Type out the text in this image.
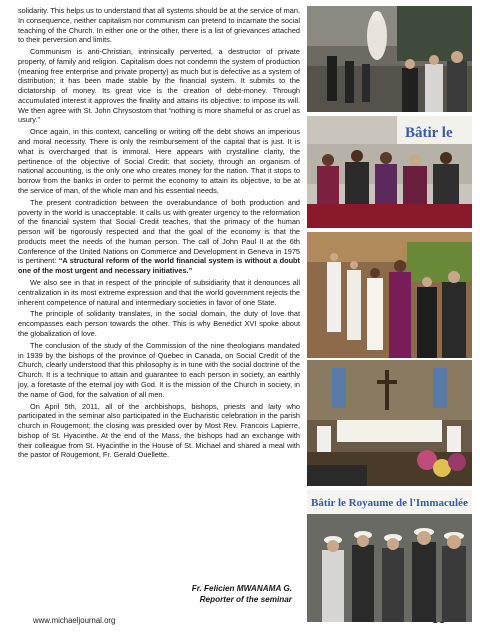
solidarity. This helps us to understand that all systems should be at the service of man. In consequence, neither capitalism nor communism can pretend to incarnate the social teaching of the Church. In either one or the other, there is a list of grievances attached to their perversion and limits.

Communism is anti-Christian, intrinsically perverted, a destructor of private property, of family and religion. Capitalism does not condemn the system of production (meaning free enterprise and private property) as much but is defective as a system of distribution; it has been made stable by the financial system. It submits to the dictatorship of money. Its great vice is the creation of debt-money. Through accumulated interest it approves the finality and attains its objective: to impose its will. We then agree with St. John Chrysostom that “nothing is more shameful or as cruel as usury.”

Once again, in this context, cancelling or writing off the debt shows an imperious and moral necessity. There is only the reimbursement of the capital that is just. It is what is overcharged that is immoral. Here appears with crystalline clarity, the pertinence of the objective of Social Credit: that society, through an organism of national accounting, is the only one who creates money for the nation. That it stops to borrow from the banks in order to permit the economy to attain its objective, to be at the service of man, of the whole man and his essential needs.

The present contradiction between the overabundance of both production and poverty in the world is unacceptable. It calls us with greater urgency to the reformation of the financial system that Social Credit teaches, that the primacy of the human person will be rigorously respected and that the goal of the economy is that the products meet the needs of the human person. The call of John Paul II at the 6th Conference of the United Nations on Commerce and Development in Geneva in 1975 is pertinent: “A structural reform of the world financial system is without a doubt one of the most urgent and necessary initiatives.”

We also see in that in respect of the principle of subsidiarity that it denounces all centralization in its most extreme expression and that the world government rejects the inherent competence of natural and intermediary societies in favor of one State.

The principle of solidarity translates, in the social domain, the duty of love that encompasses each person towards the other. This is why Benedict XVI spoke about the globalization of love.

The conclusion of the study of the Commission of the nine theologians mandated in 1939 by the bishops of the province of Quebec in Canada, on Social Credit of the Church, clearly understood that this philosophy is in tune with the social doctrine of the Church. It is a technique to attain and guarantee to each person in society, an earthly joy, a foretaste of the eternal joy with God. It is the mission of the Church in society, in the name of God, for the salvation of all men.

On April 5th, 2011, all of the archbishops, bishops, priests and laity who participated in the seminar also participated in the Eucharistic celebration in the parish church in Rougemont; the closing was presided over by Most Rev. Francois Lapierre, bishop of St. Hyacinthe. At the end of the Mass, the bishops had an exchange with their colleague from St. Hyacinthe in the House of St. Michael and shared a meal with the pastor of Rougemont, Fr. Gerald Ouellette.

Fr. Felicien MWANAMA G.
Reporter of the seminar
www.michaeljournal.org
Bâtir le
Bâtir le Royaume de l'Immaculée
